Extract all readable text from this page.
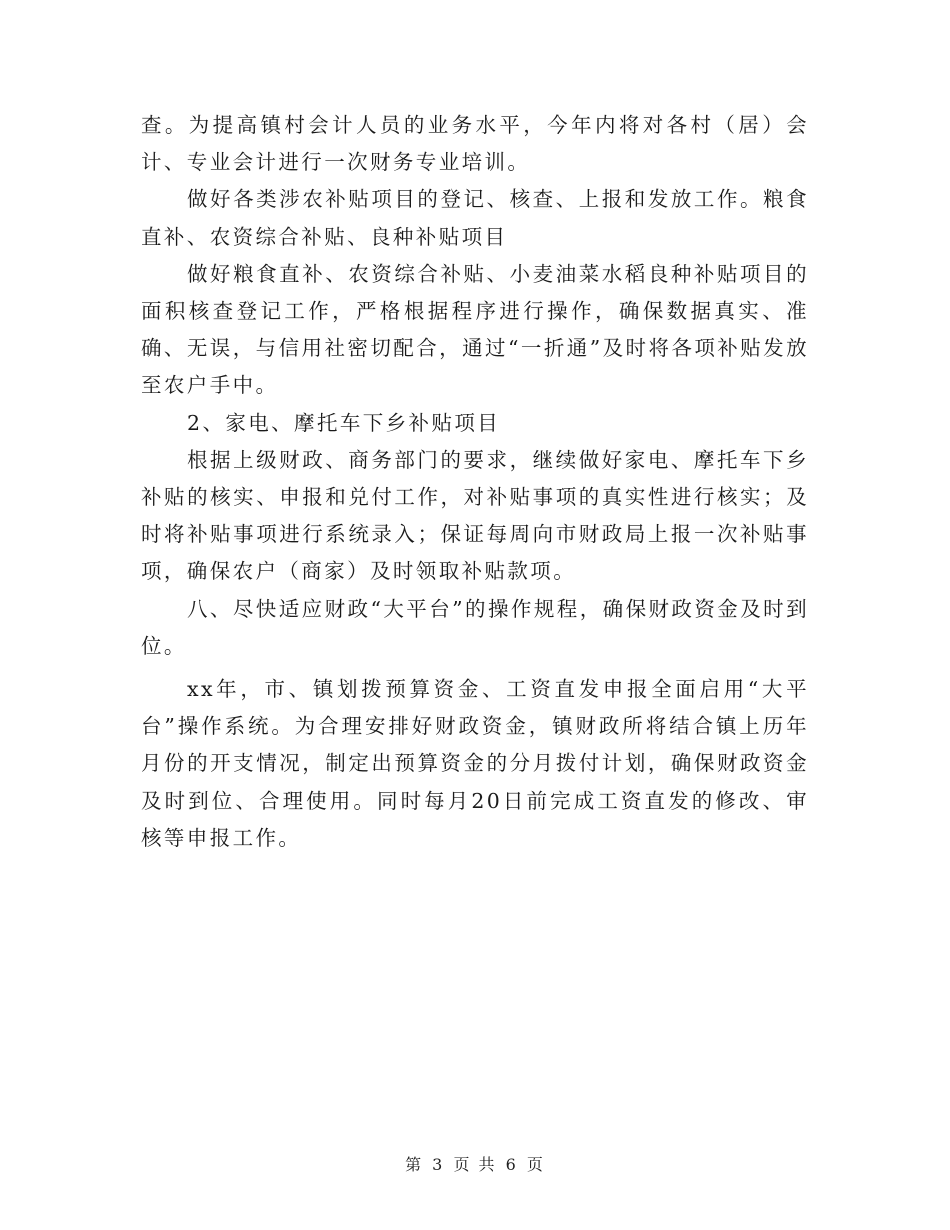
查。为提高镇村会计人员的业务水平，今年内将对各村（居）会计、专业会计进行一次财务专业培训。

做好各类涉农补贴项目的登记、核查、上报和发放工作。粮食直补、农资综合补贴、良种补贴项目

做好粮食直补、农资综合补贴、小麦油菜水稻良种补贴项目的面积核查登记工作，严格根据程序进行操作，确保数据真实、准确、无误，与信用社密切配合，通过“一折通”及时将各项补贴发放至农户手中。

2、家电、摩托车下乡补贴项目

根据上级财政、商务部门的要求，继续做好家电、摩托车下乡补贴的核实、申报和兑付工作，对补贴事项的真实性进行核实；及时将补贴事项进行系统录入；保证每周向市财政局上报一次补贴事项，确保农户（商家）及时领取补贴款项。

八、尽快适应财政“大平台”的操作规程，确保财政资金及时到位。

xx年，市、镇划拨预算资金、工资直发申报全面启用“大平台”操作系统。为合理安排好财政资金，镇财政所将结合镇上历年月份的开支情况，制定出预算资金的分月拨付计划，确保财政资金及时到位、合理使用。同时每月20日前完成工资直发的修改、审核等申报工作。

第 3 页 共 6 页
